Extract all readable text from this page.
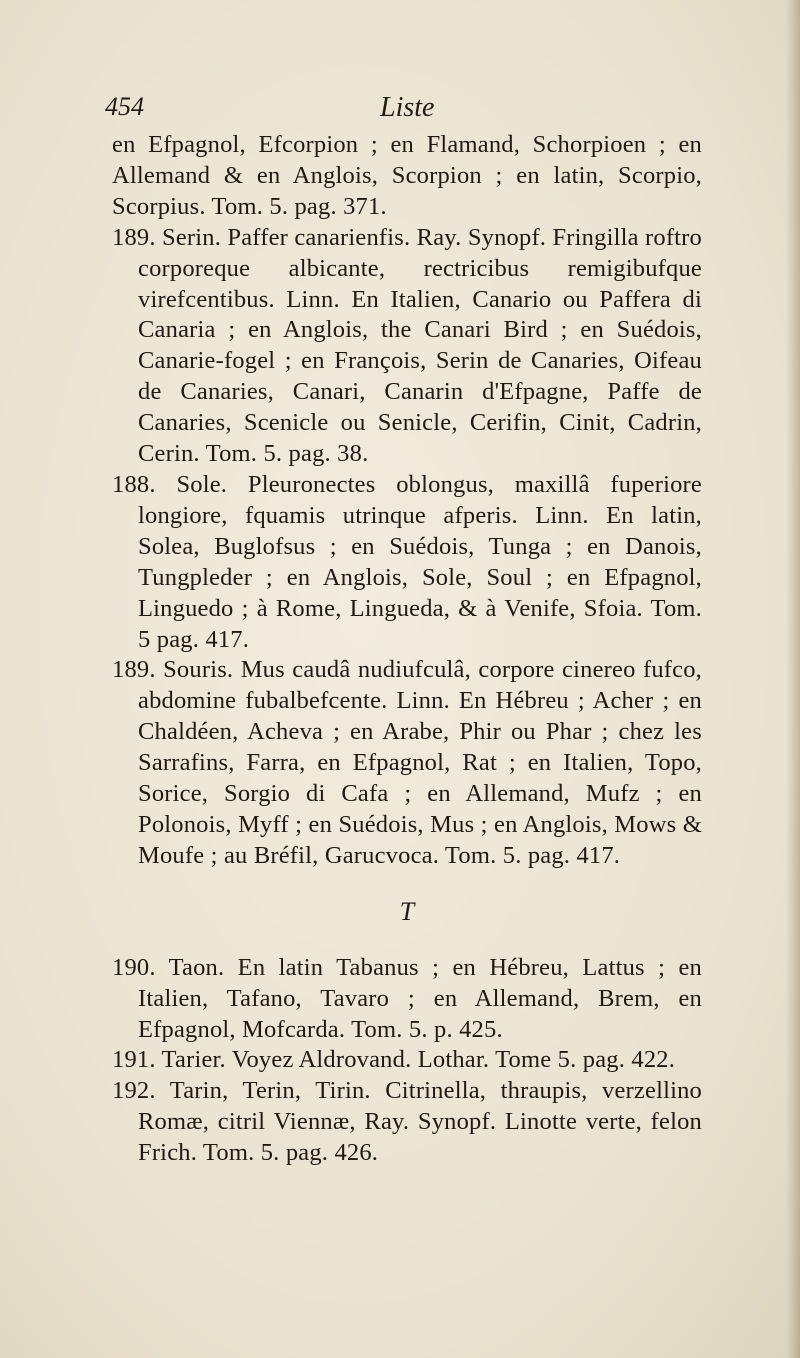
454	Liste

en Efpagnol, Efcorpion ; en Flamand, Schorpioen ; en Allemand & en Anglois, Scorpion ; en latin, Scorpio, Scorpius. Tom. 5. pag. 371.

189. Serin. Paffer canarienfis. Ray. Synopf. Fringilla roftro corporeque albicante, rectricibus remigibufque virefcentibus. Linn. En Italien, Canario ou Paffera di Canaria ; en Anglois, the Canari Bird ; en Suédois, Canarie-fogel ; en François, Serin de Canaries, Oifeau de Canaries, Canari, Canarin d'Efpagne, Paffe de Canaries, Scenicle ou Senicle, Cerifin, Cinit, Cadrin, Cerin. Tom. 5. pag. 38.

188. Sole. Pleuronectes oblongus, maxillâ fuperiore longiore, fquamis utrinque afperis. Linn. En latin, Solea, Buglofsus ; en Suédois, Tunga ; en Danois, Tungpleder ; en Anglois, Sole, Soul ; en Efpagnol, Linguedo ; à Rome, Lingueda, & à Venife, Sfoia. Tom. 5 pag. 417.

189. Souris. Mus caudâ nudiufculâ, corpore cinereo fufco, abdomine fubalbefcente. Linn. En Hébreu ; Acher ; en Chaldéen, Acheva ; en Arabe, Phir ou Phar ; chez les Sarrafins, Farra, en Efpagnol, Rat ; en Italien, Topo, Sorice, Sorgio di Cafa ; en Allemand, Mufz ; en Polonois, Myff ; en Suédois, Mus ; en Anglois, Mows & Moufe ; au Bréfil, Garucvoca. Tom. 5. pag. 417.

T

190. Taon. En latin Tabanus ; en Hébreu, Lattus ; en Italien, Tafano, Tavaro ; en Allemand, Brem, en Efpagnol, Mofcarda. Tom. 5. p. 425.

191. Tarier. Voyez Aldrovand. Lothar. Tome 5. pag. 422.

192. Tarin, Terin, Tirin. Citrinella, thraupis, verzellino Romæ, citril Viennæ, Ray. Synopf. Linotte verte, felon Frich. Tom. 5. pag. 426.
